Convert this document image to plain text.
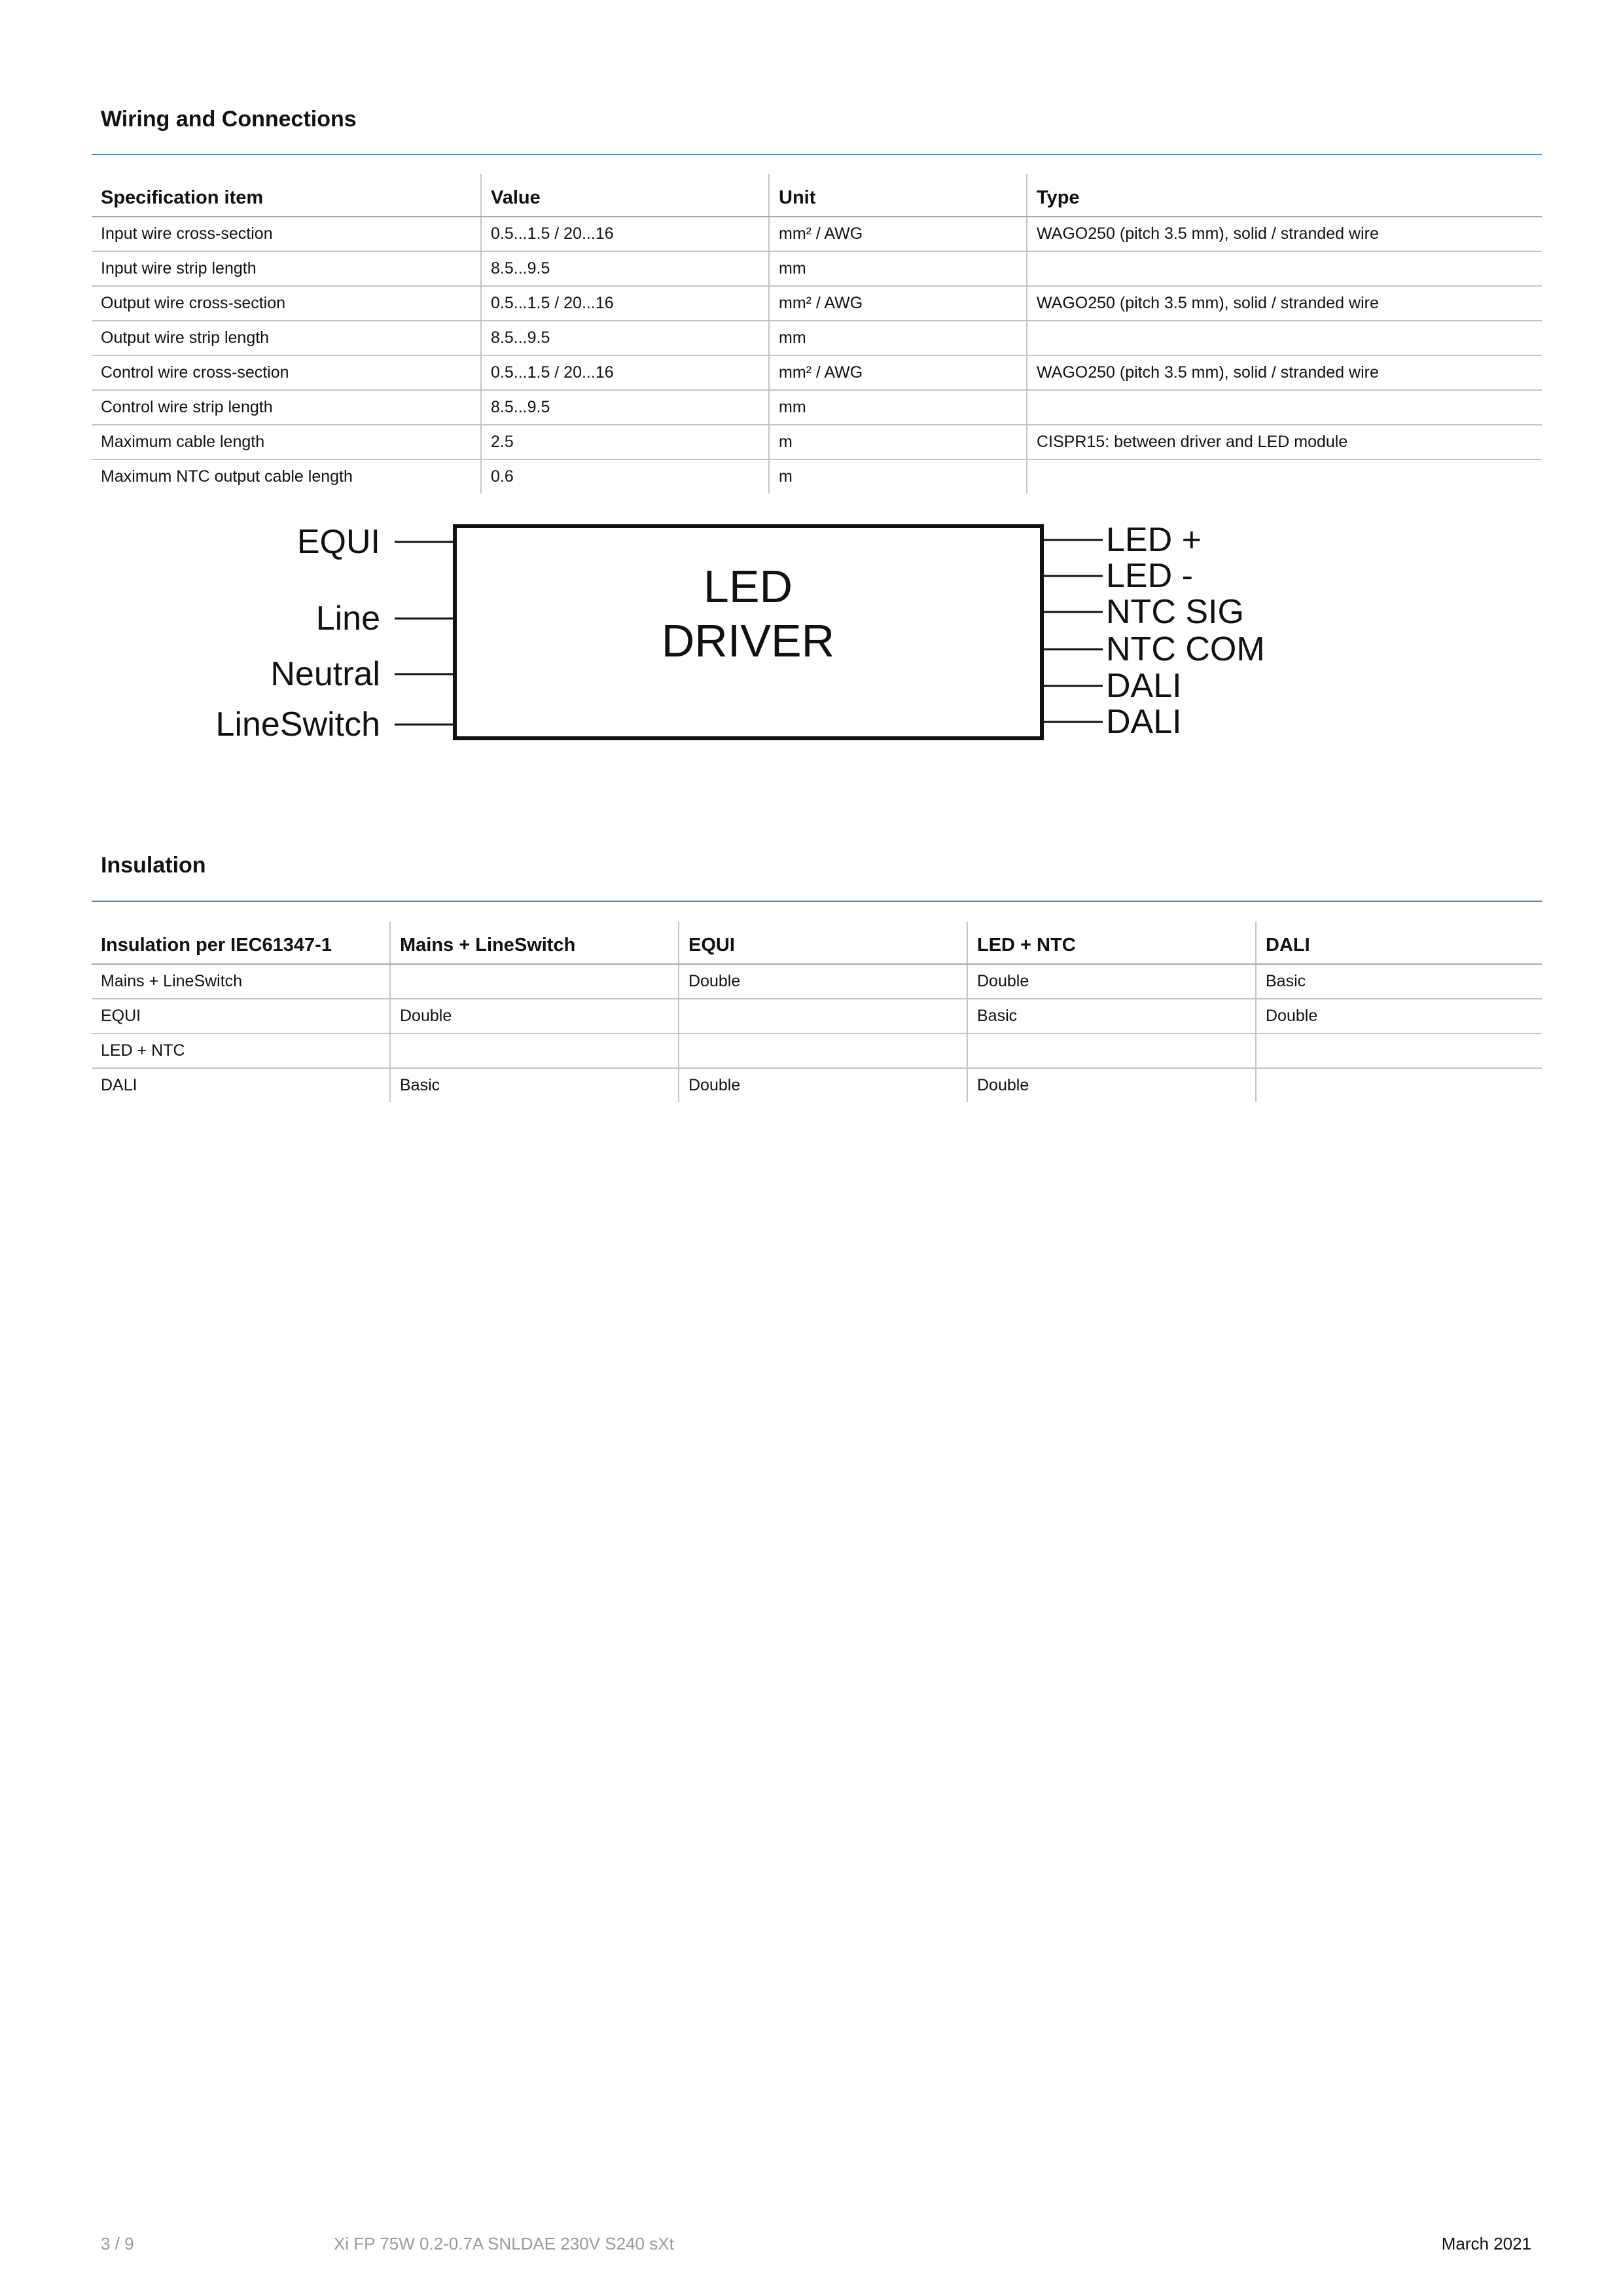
Wiring and Connections
Specification item	Value	Unit	Type
Input wire cross-section	0.5...1.5 / 20...16	mm² / AWG	WAGO250 (pitch 3.5 mm), solid / stranded wire
Input wire strip length	8.5...9.5	mm	
Output wire cross-section	0.5...1.5 / 20...16	mm² / AWG	WAGO250 (pitch 3.5 mm), solid / stranded wire
Output wire strip length	8.5...9.5	mm	
Control wire cross-section	0.5...1.5 / 20...16	mm² / AWG	WAGO250 (pitch 3.5 mm), solid / stranded wire
Control wire strip length	8.5...9.5	mm	
Maximum cable length	2.5	m	CISPR15: between driver and LED module
Maximum NTC output cable length	0.6	m	
LED
DRIVER
EQUI
Line
Neutral
LineSwitch
LED +
LED -
NTC SIG
NTC COM
DALI
DALI
Insulation
Insulation per IEC61347-1	Mains + LineSwitch	EQUI	LED + NTC	DALI
Mains + LineSwitch		Double	Double	Basic
EQUI	Double		Basic	Double
LED + NTC				
DALI	Basic	Double	Double	
3 / 9	Xi FP 75W 0.2-0.7A SNLDAE 230V S240 sXt	March 2021
